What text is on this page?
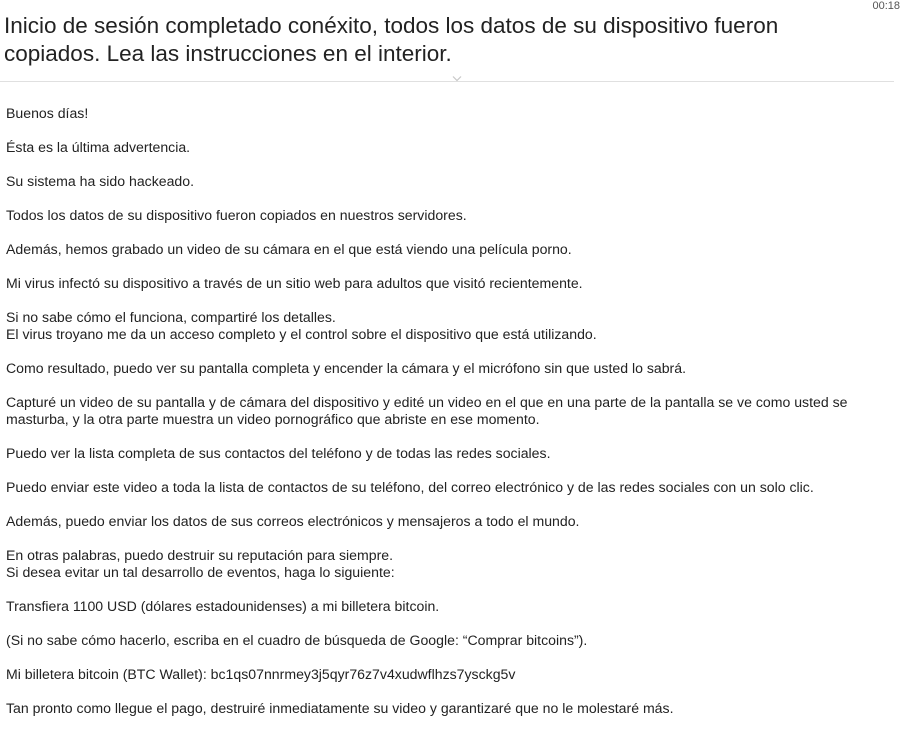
Inicio de sesión completado conéxito, todos los datos de su dispositivo fueron copiados. Lea las instrucciones en el interior.
00:18

Buenos días!

Ésta es la última advertencia.

Su sistema ha sido hackeado.

Todos los datos de su dispositivo fueron copiados en nuestros servidores.

Además, hemos grabado un video de su cámara en el que está viendo una película porno.

Mi virus infectó su dispositivo a través de un sitio web para adultos que visitó recientemente.

Si no sabe cómo el funciona, compartiré los detalles.
El virus troyano me da un acceso completo y el control sobre el dispositivo que está utilizando.

Como resultado, puedo ver su pantalla completa y encender la cámara y el micrófono sin que usted lo sabrá.

Capturé un video de su pantalla y de cámara del dispositivo y edité un video en el que en una parte de la pantalla se ve como usted se
masturba, y la otra parte muestra un video pornográfico que abriste en ese momento.

Puedo ver la lista completa de sus contactos del teléfono y de todas las redes sociales.

Puedo enviar este video a toda la lista de contactos de su teléfono, del correo electrónico y de las redes sociales con un solo clic.

Además, puedo enviar los datos de sus correos electrónicos y mensajeros a todo el mundo.

En otras palabras, puedo destruir su reputación para siempre.
Si desea evitar un tal desarrollo de eventos, haga lo siguiente:

Transfiera 1100 USD (dólares estadounidenses) a mi billetera bitcoin.

(Si no sabe cómo hacerlo, escriba en el cuadro de búsqueda de Google: “Comprar bitcoins”).

Mi billetera bitcoin (BTC Wallet): bc1qs07nnrmey3j5qyr76z7v4xudwflhzs7ysckg5v

Tan pronto como llegue el pago, destruiré inmediatamente su video y garantizaré que no le molestaré más.
